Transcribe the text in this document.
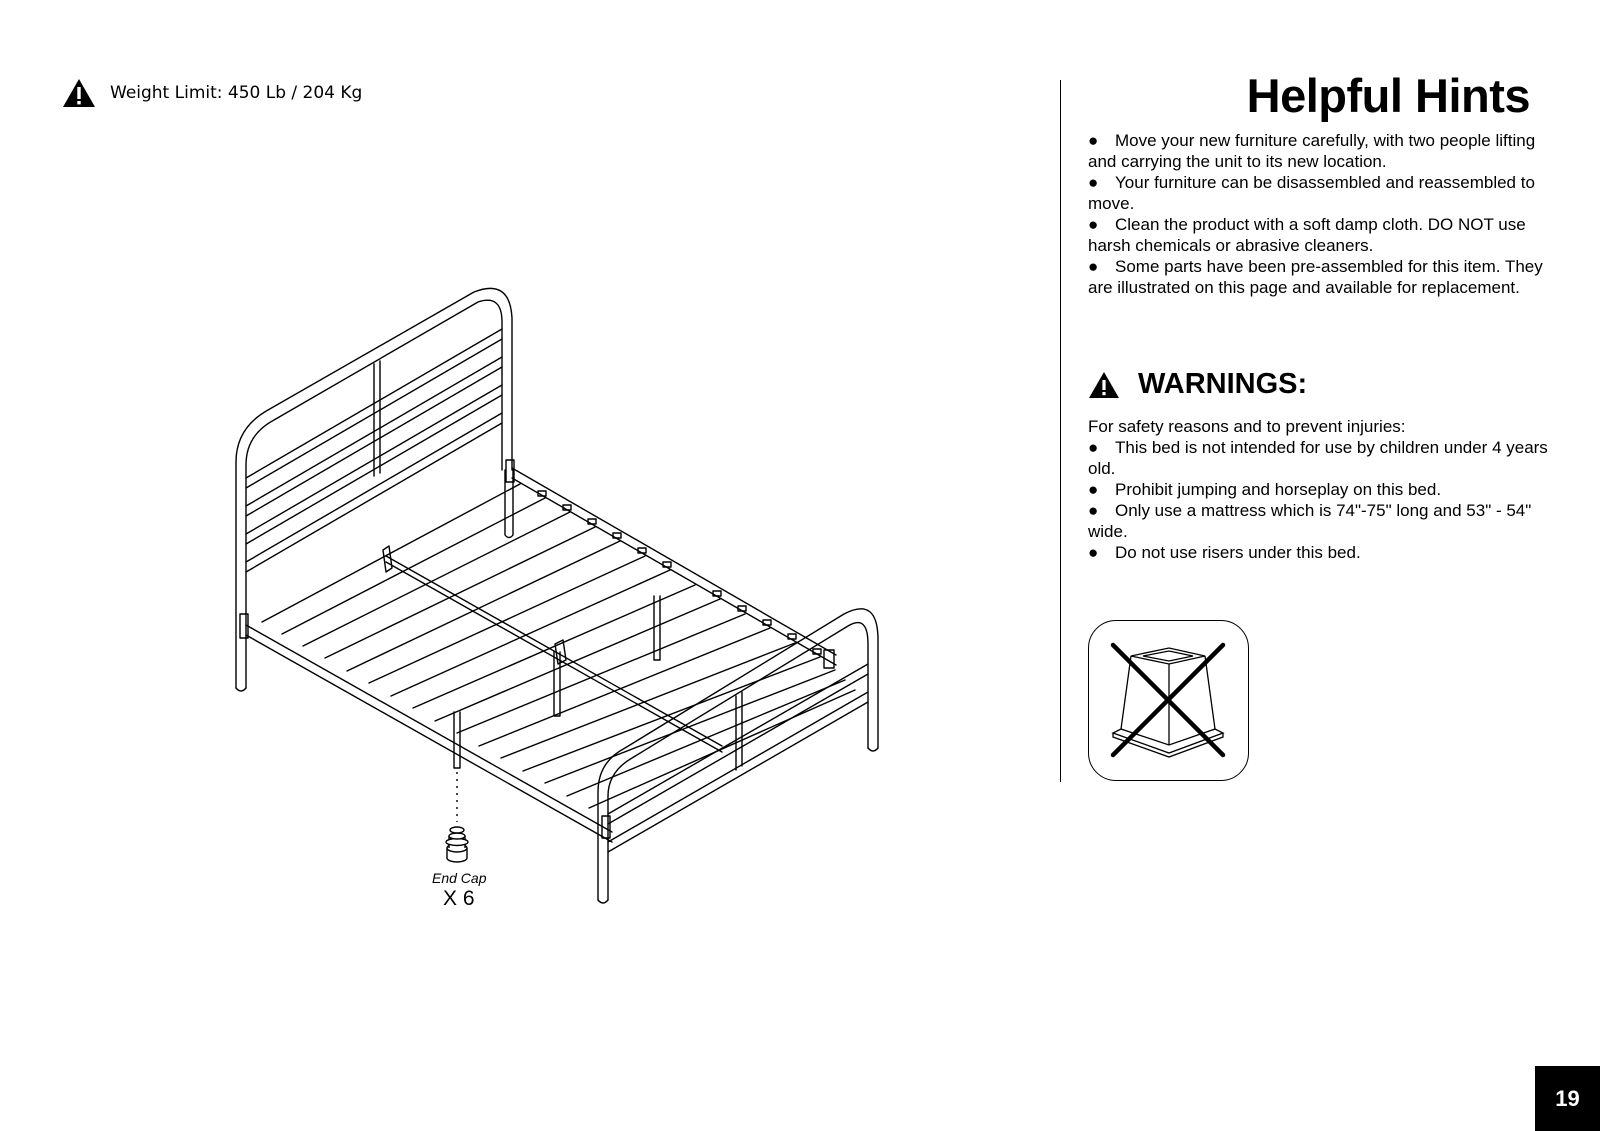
Weight Limit: 450 Lb / 204 Kg
End Cap
X 6
Helpful Hints
● Move your new furniture carefully, with two people lifting and carrying the unit to its new location.
● Your furniture can be disassembled and reassembled to move.
● Clean the product with a soft damp cloth. DO NOT use harsh chemicals or abrasive cleaners.
● Some parts have been pre-assembled for this item. They are illustrated on this page and available for replacement.
WARNINGS:
For safety reasons and to prevent injuries:
● This bed is not intended for use by children under 4 years old.
● Prohibit jumping and horseplay on this bed.
● Only use a mattress which is 74"-75" long and 53" - 54" wide.
● Do not use risers under this bed.
19
